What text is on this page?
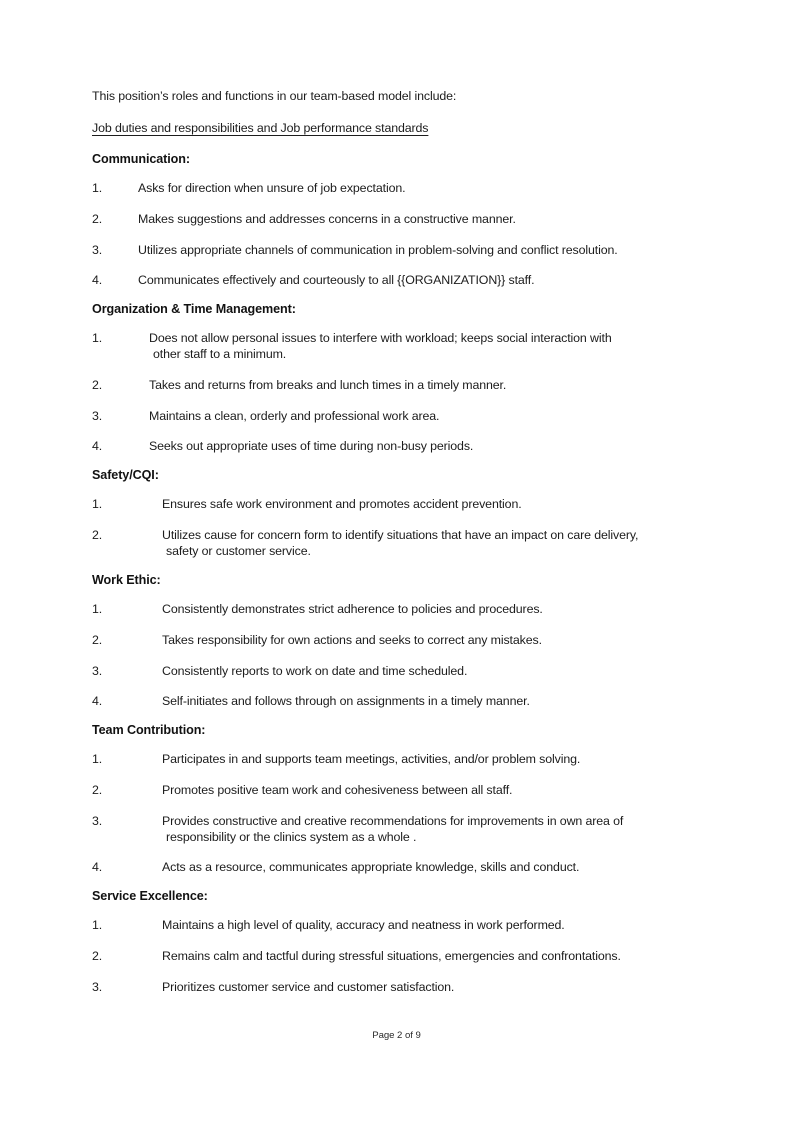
This position’s roles and functions in our team-based model include:

Job duties and responsibilities and Job performance standards

Communication:

1.	Asks for direction when unsure of job expectation.
2.	Makes suggestions and addresses concerns in a constructive manner.
3.	Utilizes appropriate channels of communication in problem-solving and conflict resolution.
4.	Communicates effectively and courteously to all {{ORGANIZATION}} staff.

Organization & Time Management:

1.	Does not allow personal issues to interfere with workload; keeps social interaction with
other staff to a minimum.
2.	Takes and returns from breaks and lunch times in a timely manner.
3.	Maintains a clean, orderly and professional work area.
4.	Seeks out appropriate uses of time during non-busy periods.

Safety/CQI:

1.	Ensures safe work environment and promotes accident prevention.
2.	Utilizes cause for concern form to identify situations that have an impact on care delivery,
safety or customer service.

Work Ethic:

1.	Consistently demonstrates strict adherence to policies and procedures.
2.	Takes responsibility for own actions and seeks to correct any mistakes.
3.	Consistently reports to work on date and time scheduled.
4.	Self-initiates and follows through on assignments in a timely manner.

Team Contribution:

1.	Participates in and supports team meetings, activities, and/or problem solving.
2.	Promotes positive team work and cohesiveness between all staff.
3.	Provides constructive and creative recommendations for improvements in own area of
responsibility or the clinics system as a whole .
4.	Acts as a resource, communicates appropriate knowledge, skills and conduct.

Service Excellence:

1.	Maintains a high level of quality, accuracy and neatness in work performed.
2.	Remains calm and tactful during stressful situations, emergencies and confrontations.
3.	Prioritizes customer service and customer satisfaction.
Page 2 of 9
